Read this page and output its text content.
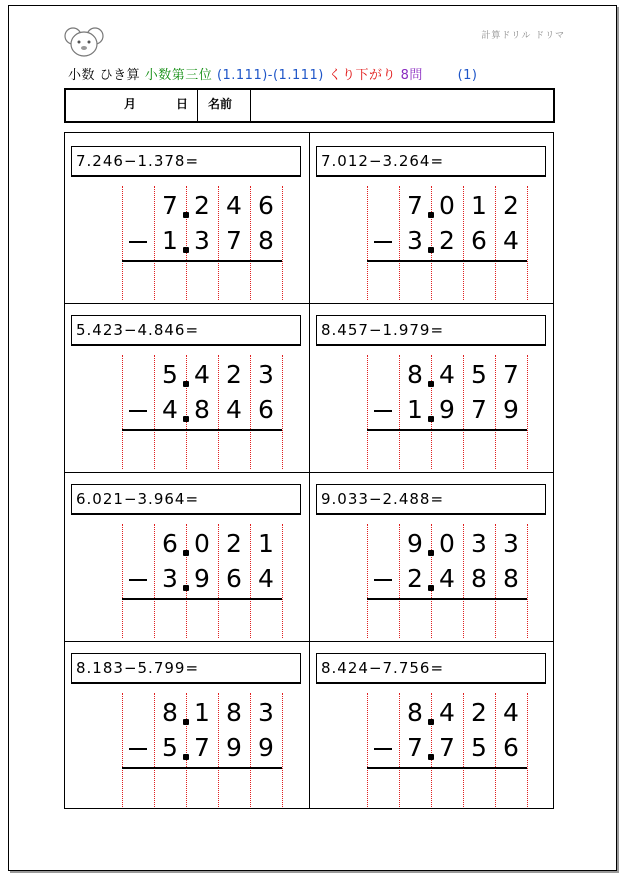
計算ドリル ドリマ
小数 ひき算 小数第三位 (1.111)-(1.111) くり下がり 8問	(1)
月	日 名前
7.246−1.378=
7 2 4 6
1 3 7 8
7.012−3.264=
7 0 1 2
3 2 6 4
5.423−4.846=
5 4 2 3
4 8 4 6
8.457−1.979=
8 4 5 7
1 9 7 9
6.021−3.964=
6 0 2 1
3 9 6 4
9.033−2.488=
9 0 3 3
2 4 8 8
8.183−5.799=
8 1 8 3
5 7 9 9
8.424−7.756=
8 4 2 4
7 7 5 6
